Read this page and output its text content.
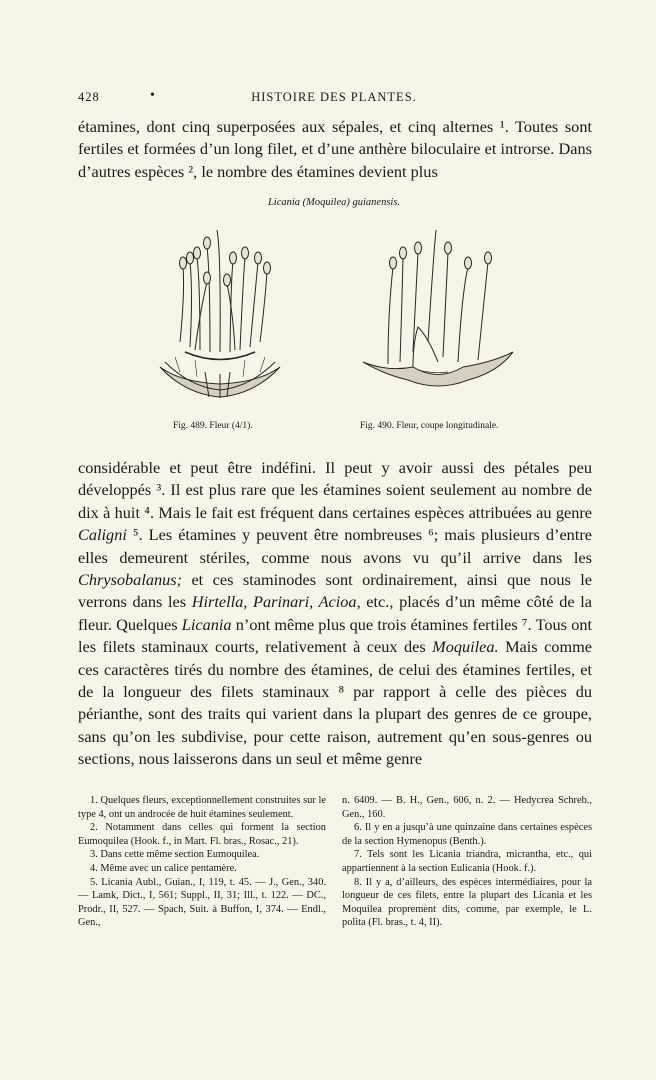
428	•	HISTOIRE DES PLANTES.

étamines, dont cinq superposées aux sépales, et cinq alternes ¹. Toutes sont fertiles et formées d’un long filet, et d’une anthère biloculaire et introrse. Dans d’autres espèces ², le nombre des étamines devient plus

Licania (Moquilea) guianensis.
Fig. 489. Fleur (4/1).	Fig. 490. Fleur, coupe longitudinale.

considérable et peut être indéfini. Il peut y avoir aussi des pétales peu développés ³. Il est plus rare que les étamines soient seulement au nombre de dix à huit ⁴. Mais le fait est fréquent dans certaines espèces attribuées au genre Caligni ⁵. Les étamines y peuvent être nombreuses ⁶; mais plusieurs d’entre elles demeurent stériles, comme nous avons vu qu’il arrive dans les Chrysobalanus; et ces staminodes sont ordinairement, ainsi que nous le verrons dans les Hirtella, Parinari, Acioa, etc., placés d’un même côté de la fleur. Quelques Licania n’ont même plus que trois étamines fertiles ⁷. Tous ont les filets staminaux courts, relativement à ceux des Moquilea. Mais comme ces caractères tirés du nombre des étamines, de celui des étamines fertiles, et de la longueur des filets staminaux ⁸ par rapport à celle des pièces du périanthe, sont des traits qui varient dans la plupart des genres de ce groupe, sans qu’on les subdivise, pour cette raison, autrement qu’en sous-genres ou sections, nous laisserons dans un seul et même genre

1. Quelques fleurs, exceptionnellement construites sur le type 4, ont un androcée de huit étamines seulement.

2. Notamment dans celles qui forment la section Eumoquilea (Hook. f., in Mart. Fl. bras., Rosac., 21).

3. Dans cette même section Eumoquilea.

4. Même avec un calice pentamère.

5. Licania Aubl., Guian., I, 119, t. 45. — J., Gen., 340. — Lamk, Dict., I, 561; Suppl., II, 31; Ill., t. 122. — DC., Prodr., II, 527. — Spach, Suit. à Buffon, I, 374. — Endl., Gen.,

n. 6409. — B. H., Gen., 606, n. 2. — Hedycrea Schreb., Gen., 160.

6. Il y en a jusqu’à une quinzaine dans certaines espèces de la section Hymenopus (Benth.).

7. Tels sont les Licania triandra, micrantha, etc., qui appartiennent à la section Eulicania (Hook. f.).

8. Il y a, d’ailleurs, des espèces intermédiaires, pour la longueur de ces filets, entre la plupart des Licania et les Moquilea proprement dits, comme, par exemple, le L. polita (Fl. bras., t. 4, II).
